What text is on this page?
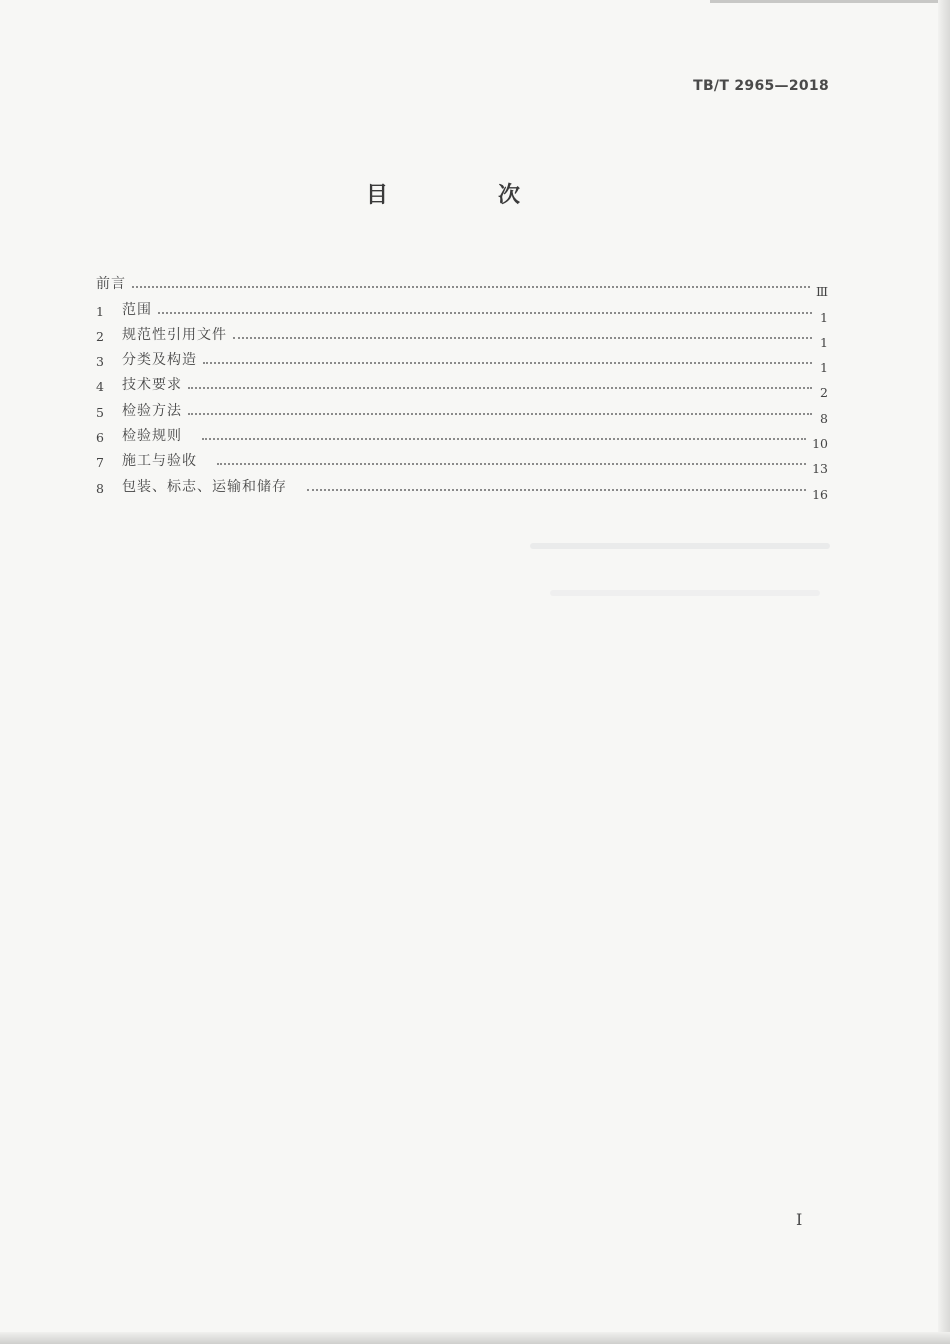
TB/T 2965—2018
目　次
前言	Ⅲ
1	范围	1
2	规范性引用文件	1
3	分类及构造	1
4	技术要求	2
5	检验方法	8
6	检验规则	10
7	施工与验收	13
8	包装、标志、运输和储存	16
I
